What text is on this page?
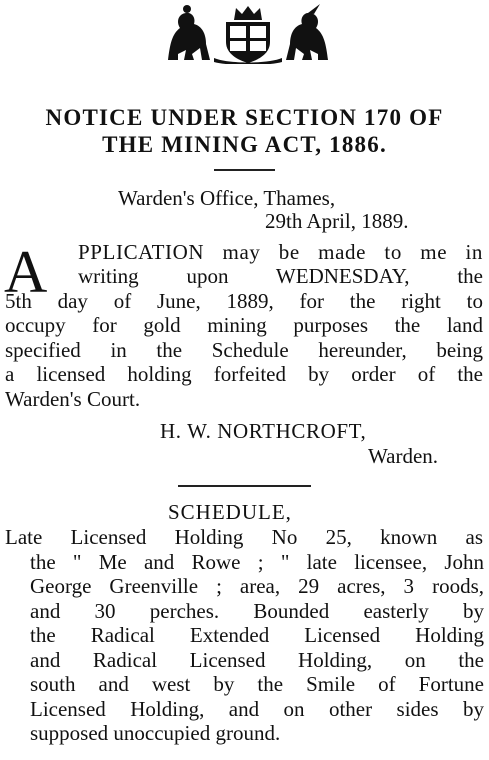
NOTICE UNDER SECTION 170 OF
THE MINING ACT, 1886.

Warden's Office, Thames,

29th April, 1889.

A PPLICATION may be made to me in

writing upon WEDNESDAY, the

5th day of June, 1889, for the right to

occupy for gold mining purposes the land

specified in the Schedule hereunder, being

a licensed holding forfeited by order of the

Warden's Court.

H. W. NORTHCROFT,

Warden.

SCHEDULE,

Late Licensed Holding No 25, known as

the " Me and Rowe ; " late licensee, John

George Greenville ; area, 29 acres, 3 roods,

and 30 perches. Bounded easterly by

the Radical Extended Licensed Holding

and Radical Licensed Holding, on the

south and west by the Smile of Fortune

Licensed Holding, and on other sides by

supposed unoccupied ground.
